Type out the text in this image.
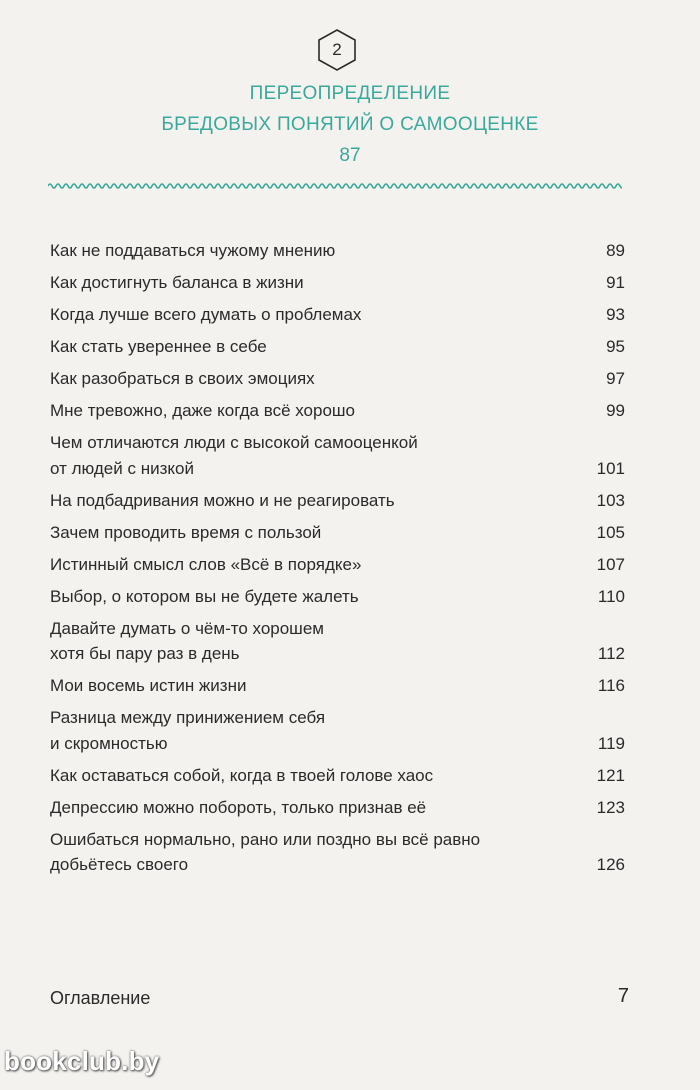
2
ПЕРЕОПРЕДЕЛЕНИЕ
БРЕДОВЫХ ПОНЯТИЙ О САМООЦЕНКЕ
87
Как не поддаваться чужому мнению	89
Как достигнуть баланса в жизни	91
Когда лучше всего думать о проблемах	93
Как стать увереннее в себе	95
Как разобраться в своих эмоциях	97
Мне тревожно, даже когда всё хорошо	99
Чем отличаются люди с высокой самооценкой
от людей с низкой	101
На подбадривания можно и не реагировать	103
Зачем проводить время с пользой	105
Истинный смысл слов «Всё в порядке»	107
Выбор, о котором вы не будете жалеть	110
Давайте думать о чём-то хорошем
хотя бы пару раз в день	112
Мои восемь истин жизни	116
Разница между принижением себя
и скромностью	119
Как оставаться собой, когда в твоей голове хаос	121
Депрессию можно побороть, только признав её	123
Ошибаться нормально, рано или поздно вы всё равно
добьётесь своего	126
Оглавление	7
bookclub.by
